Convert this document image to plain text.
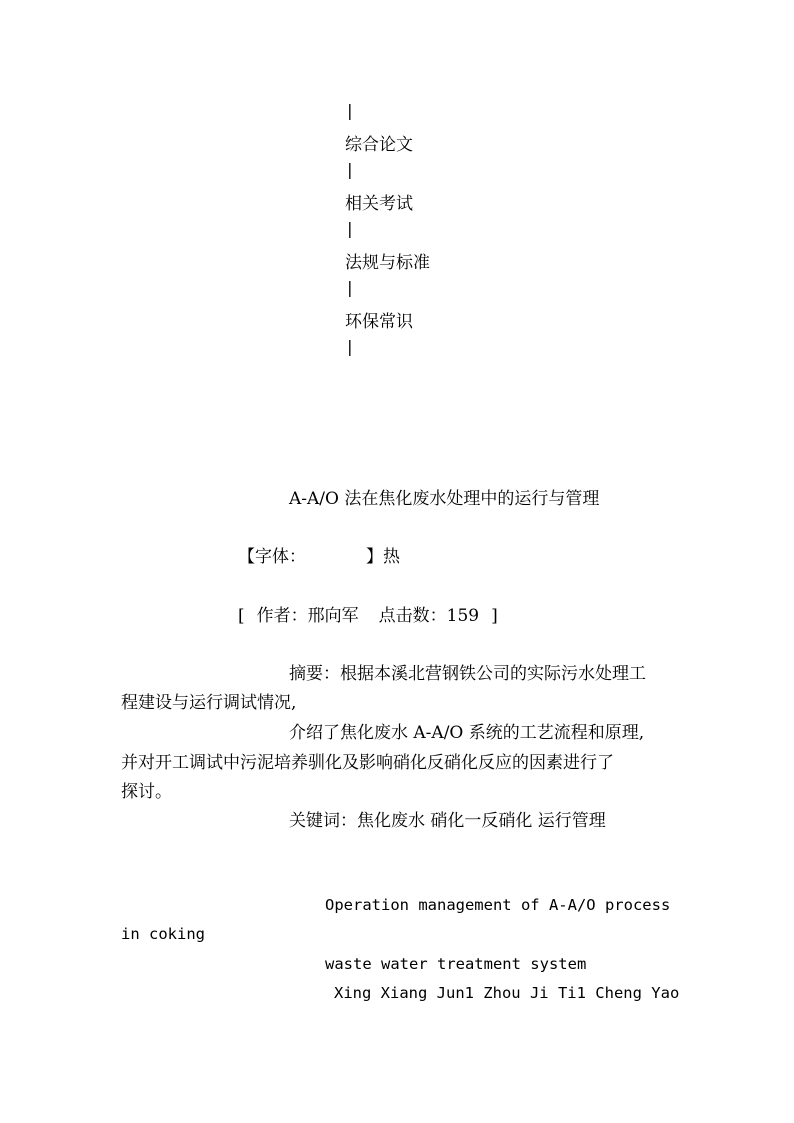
|
综合论文
|
相关考试
|
法规与标准
|
环保常识
|
A-A/O 法在焦化废水处理中的运行与管理
【字体：	】热
[ 作者：邢向军 点击数：159 ]
摘要：根据本溪北营钢铁公司的实际污水处理工
程建设与运行调试情况,
介绍了焦化废水 A-A/O 系统的工艺流程和原理,
并对开工调试中污泥培养驯化及影响硝化反硝化反应的因素进行了
探讨。
关键词：焦化废水 硝化一反硝化 运行管理
Operation management of A-A/O process
in coking
waste water treatment system
Xing Xiang Jun1 Zhou Ji Ti1 Cheng Yao
